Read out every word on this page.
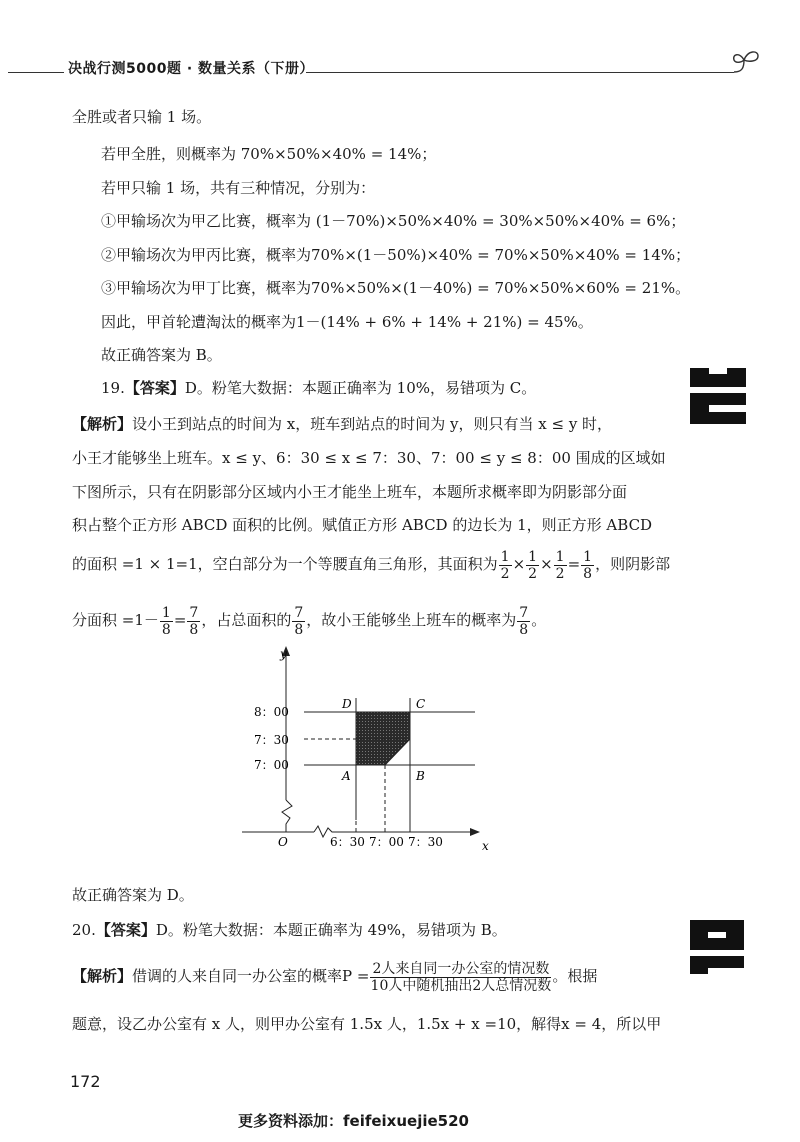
决战行测5000题 · 数量关系（下册）
全胜或者只输 1 场。
若甲全胜，则概率为 70%×50%×40% = 14%；
若甲只输 1 场，共有三种情况，分别为：
①甲输场次为甲乙比赛，概率为 (1－70%)×50%×40% = 30%×50%×40% = 6%；
②甲输场次为甲丙比赛，概率为70%×(1－50%)×40% = 70%×50%×40% = 14%；
③甲输场次为甲丁比赛，概率为70%×50%×(1－40%) = 70%×50%×60% = 21%。
因此，甲首轮遭淘汰的概率为1－(14% + 6% + 14% + 21%) = 45%。
故正确答案为 B。
19.【答案】D。粉笔大数据：本题正确率为 10%，易错项为 C。
【解析】设小王到站点的时间为 x，班车到站点的时间为 y，则只有当 x ≤ y 时，
小王才能够坐上班车。x ≤ y、6：30 ≤ x ≤ 7：30、7：00 ≤ y ≤ 8：00 围成的区域如
下图所示，只有在阴影部分区域内小王才能坐上班车，本题所求概率即为阴影部分面
积占整个正方形 ABCD 面积的比例。赋值正方形 ABCD 的边长为 1，则正方形 ABCD
的面积 =1 × 1=1，空白部分为一个等腰直角三角形，其面积为 $\frac{1}{2} \times \frac{1}{2} \times \frac{1}{2} = \frac{1}{8}$ ，则阴影部
分面积 $=1- \frac{1}{8} = \frac{7}{8}$ ，占总面积的 $\frac{7}{8}$ ，故小王能够坐上班车的概率为 $\frac{7}{8}$ 。
y
x
O
8：00
7：30
7：00
6：30 7：00 7：30
D	C
A	B
故正确答案为 D。
20.【答案】D。粉笔大数据：本题正确率为 49%，易错项为 B。
【解析】借调的人来自同一办公室的概率$P = \frac{\text{2人来自同一办公室的情况数}}{\text{10人中随机抽出2人总情况数}}$ 。根据
题意，设乙办公室有 x 人，则甲办公室有 1.5x 人，1.5x + x =10，解得x = 4，所以甲
172
更多资料添加：feifeixuejie520
